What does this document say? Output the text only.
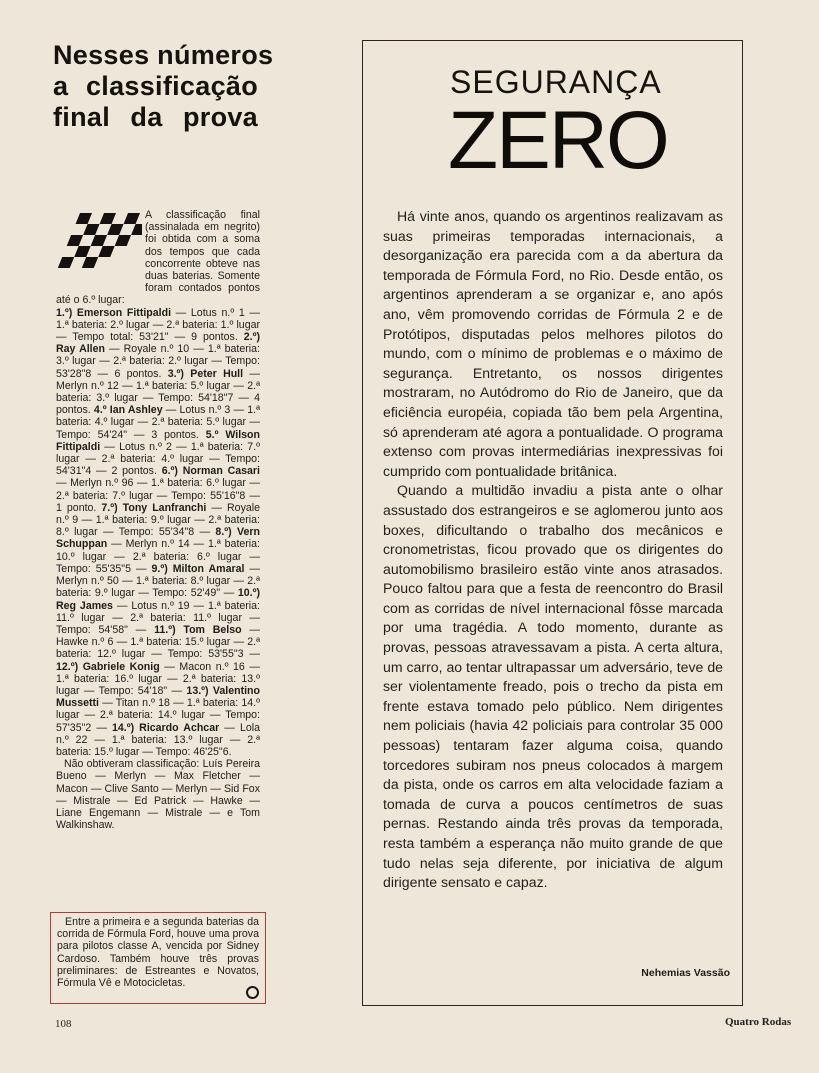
Nesses números
a classificação
final da prova

A classificação final (assinalada em negrito) foi obtida com a soma dos tempos que cada concorrente obteve nas duas baterias. Somente foram contados pontos até o 6.º lugar:

1.º) Emerson Fittipaldi — Lotus n.º 1 — 1.ª bateria: 2.º lugar — 2.ª bateria: 1.º lugar — Tempo total: 53'21" — 9 pontos. 2.º) Ray Allen — Royale n.º 10 — 1.ª bateria: 3.º lugar — 2.ª bateria: 2.º lugar — Tempo: 53'28"8 — 6 pontos. 3.º) Peter Hull — Merlyn n.º 12 — 1.ª bateria: 5.º lugar — 2.ª bateria: 3.º lugar — Tempo: 54'18"7 — 4 pontos. 4.º Ian Ashley — Lotus n.º 3 — 1.ª bateria: 4.º lugar — 2.ª bateria: 5.º lugar — Tempo: 54'24" — 3 pontos. 5.º Wilson Fittipaldi — Lotus n.º 2 — 1.ª bateria: 7.º lugar — 2.ª bateria: 4.º lugar — Tempo: 54'31"4 — 2 pontos. 6.º) Norman Casari — Merlyn n.º 96 — 1.ª bateria: 6.º lugar — 2.ª bateria: 7.º lugar — Tempo: 55'16"8 — 1 ponto. 7.º) Tony Lanfranchi — Royale n.º 9 — 1.ª bateria: 9.º lugar — 2.ª bateria: 8.º lugar — Tempo: 55'34"8 — 8.º) Vern Schuppan — Merlyn n.º 14 — 1.ª bateria: 10.º lugar — 2.ª bateria: 6.º lugar — Tempo: 55'35"5 — 9.º) Milton Amaral — Merlyn n.º 50 — 1.ª bateria: 8.º lugar — 2.ª bateria: 9.º lugar — Tempo: 52'49" — 10.º) Reg James — Lotus n.º 19 — 1.ª bateria: 11.º lugar — 2.ª bateria: 11.º lugar — Tempo: 54'58" — 11.º) Tom Belso — Hawke n.º 6 — 1.ª bateria: 15.º lugar — 2.ª bateria: 12.º lugar — Tempo: 53'55"3 — 12.º) Gabriele Konig — Macon n.º 16 — 1.ª bateria: 16.º lugar — 2.ª bateria: 13.º lugar — Tempo: 54'18" — 13.º) Valentino Mussetti — Titan n.º 18 — 1.ª bateria: 14.º lugar — 2.ª bateria: 14.º lugar — Tempo: 57'35"2 — 14.º) Ricardo Achcar — Lola n.º 22 — 1.ª bateria: 13.º lugar — 2.ª bateria: 15.º lugar — Tempo: 46'25"6.

Não obtiveram classificação: Luís Pereira Bueno — Merlyn — Max Fletcher — Macon — Clive Santo — Merlyn — Sid Fox — Mistrale — Ed Patrick — Hawke — Liane Engemann — Mistrale — e Tom Walkinshaw.

Entre a primeira e a segunda baterias da corrida de Fórmula Ford, houve uma prova para pilotos classe A, vencida por Sidney Cardoso. Também houve três provas preliminares: de Estreantes e Novatos, Fórmula Vê e Motocicletas.

108	Quatro Rodas
SEGURANÇA
ZERO

Há vinte anos, quando os argentinos realizavam as suas primeiras temporadas internacionais, a desorganização era parecida com a da abertura da temporada de Fórmula Ford, no Rio. Desde então, os argentinos aprenderam a se organizar e, ano após ano, vêm promovendo corridas de Fórmula 2 e de Protótipos, disputadas pelos melhores pilotos do mundo, com o mínimo de problemas e o máximo de segurança. Entretanto, os nossos dirigentes mostraram, no Autódromo do Rio de Janeiro, que da eficiência européia, copiada tão bem pela Argentina, só aprenderam até agora a pontualidade. O programa extenso com provas intermediárias inexpressivas foi cumprido com pontualidade britânica.

Quando a multidão invadiu a pista ante o olhar assustado dos estrangeiros e se aglomerou junto aos boxes, dificultando o trabalho dos mecânicos e cronometristas, ficou provado que os dirigentes do automobilismo brasileiro estão vinte anos atrasados. Pouco faltou para que a festa de reencontro do Brasil com as corridas de nível internacional fôsse marcada por uma tragédia. A todo momento, durante as provas, pessoas atravessavam a pista. A certa altura, um carro, ao tentar ultrapassar um adversário, teve de ser violentamente freado, pois o trecho da pista em frente estava tomado pelo público. Nem dirigentes nem policiais (havia 42 policiais para controlar 35 000 pessoas) tentaram fazer alguma coisa, quando torcedores subiram nos pneus colocados à margem da pista, onde os carros em alta velocidade faziam a tomada de curva a poucos centímetros de suas pernas. Restando ainda três provas da temporada, resta também a esperança não muito grande de que tudo nelas seja diferente, por iniciativa de algum dirigente sensato e capaz.

Nehemias Vassão
